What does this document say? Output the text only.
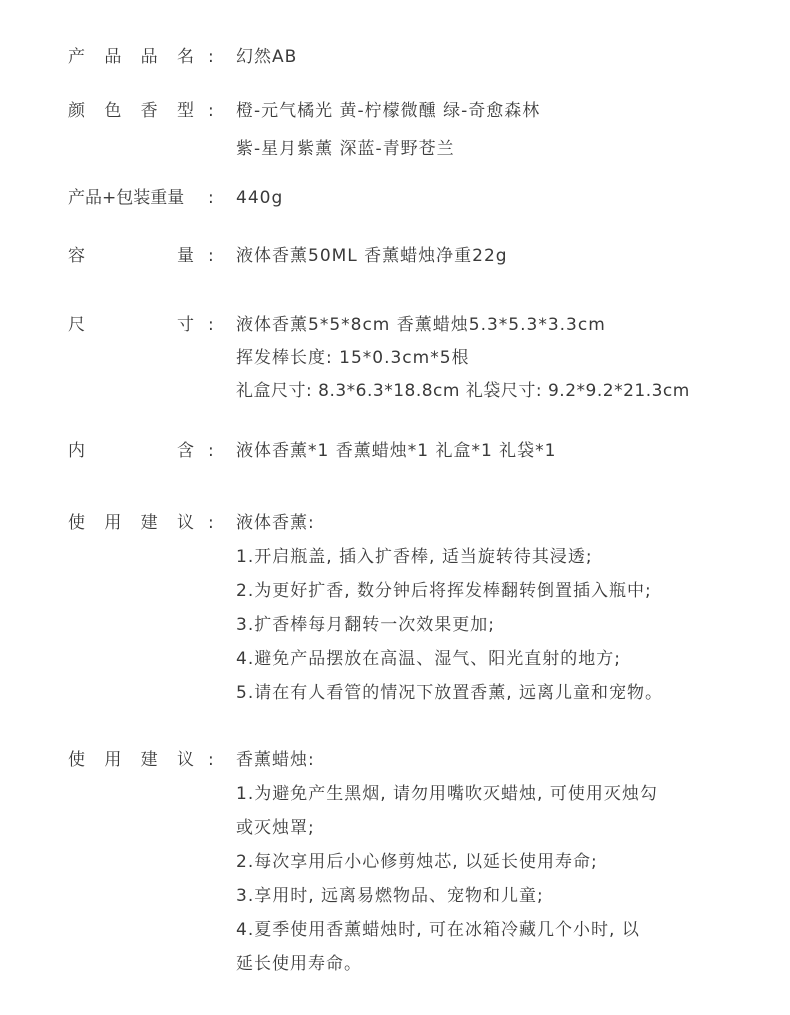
产 品 品 名 : 幻然AB
颜 色 香 型 : 橙-元气橘光 黄-柠檬微醺 绿-奇愈森林
紫-星月紫薰 深蓝-青野苍兰
产品+包装重量 : 440g
容	量 : 液体香薰50ML 香薰蜡烛净重22g
尺	寸 : 液体香薰5*5*8cm 香薰蜡烛5.3*5.3*3.3cm
挥发棒长度: 15*0.3cm*5根
礼盒尺寸: 8.3*6.3*18.8cm 礼袋尺寸: 9.2*9.2*21.3cm
内	含 : 液体香薰*1 香薰蜡烛*1 礼盒*1 礼袋*1
使 用 建 议 : 液体香薰:
1.开启瓶盖, 插入扩香棒, 适当旋转待其浸透;
2.为更好扩香, 数分钟后将挥发棒翻转倒置插入瓶中;
3.扩香棒每月翻转一次效果更加;
4.避免产品摆放在高温、湿气、阳光直射的地方;
5.请在有人看管的情况下放置香薰, 远离儿童和宠物。
使 用 建 议 : 香薰蜡烛:
1.为避免产生黑烟, 请勿用嘴吹灭蜡烛, 可使用灭烛勾
或灭烛罩;
2.每次享用后小心修剪烛芯, 以延长使用寿命;
3.享用时, 远离易燃物品、宠物和儿童;
4.夏季使用香薰蜡烛时, 可在冰箱冷藏几个小时, 以
延长使用寿命。
